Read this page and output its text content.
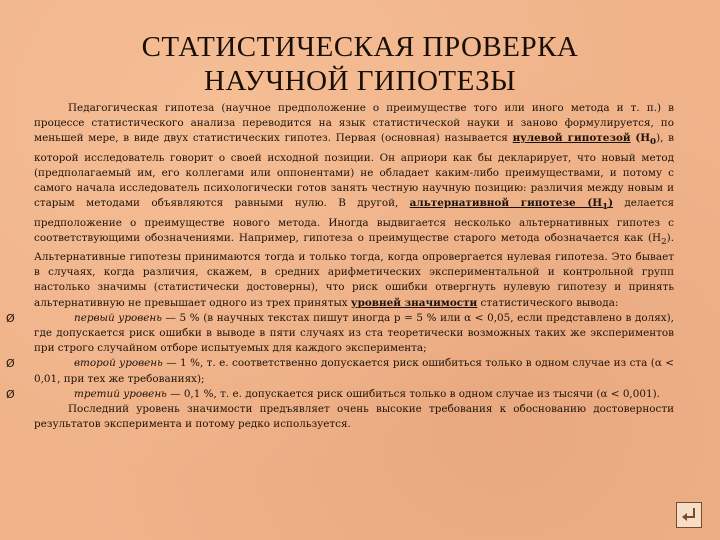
СТАТИСТИЧЕСКАЯ ПРОВЕРКА
НАУЧНОЙ ГИПОТЕЗЫ

Педагогическая гипотеза (научное предположение о преимуществе того или иного метода и т. п.) в процессе статистического анализа переводится на язык статистической науки и заново формулируется, по меньшей мере, в виде двух статистических гипотез. Первая (основная) называется нулевой гипотезой $(Н_0)$, в которой исследователь говорит о своей исходной позиции. Он априори как бы декларирует, что новый метод (предполагаемый им, его коллегами или оппонентами) не обладает каким-либо преимуществами, и потому с самого начала исследователь психологически готов занять честную научную позицию: различия между новым и старым методами объявляются равными нулю. В другой, альтернативной гипотезе $(Н_1)$ делается предположение о преимуществе нового метода. Иногда выдвигается несколько альтернативных гипотез с соответствующими обозначениями. Например, гипотеза о преимуществе старого метода обозначается как $(Н_2)$. Альтернативные гипотезы принимаются тогда и только тогда, когда опровергается нулевая гипотеза. Это бывает в случаях, когда различия, скажем, в средних арифметических экспериментальной и контрольной групп настолько значимы (статистически достоверны), что риск ошибки отвергнуть нулевую гипотезу и принять альтернативную не превышает одного из трех принятых уровней значимости статистического вывода:

Ø	первый уровень — 5 % (в научных текстах пишут иногда р = 5 % или α < 0,05, если представлено в долях), где допускается риск ошибки в выводе в пяти случаях из ста теоретически возможных таких же экспериментов при строго случайном отборе испытуемых для каждого эксперимента;

Ø	второй уровень — 1 %, т. е. соответственно допускается риск ошибиться только в одном случае из ста (α < 0,01, при тех же требованиях);

Ø	третий уровень — 0,1 %, т. е. допускается риск ошибиться только в одном случае из тысячи (α < 0,001).

Последний уровень значимости предъявляет очень высокие требования к обоснованию достоверности результатов эксперимента и потому редко используется.
